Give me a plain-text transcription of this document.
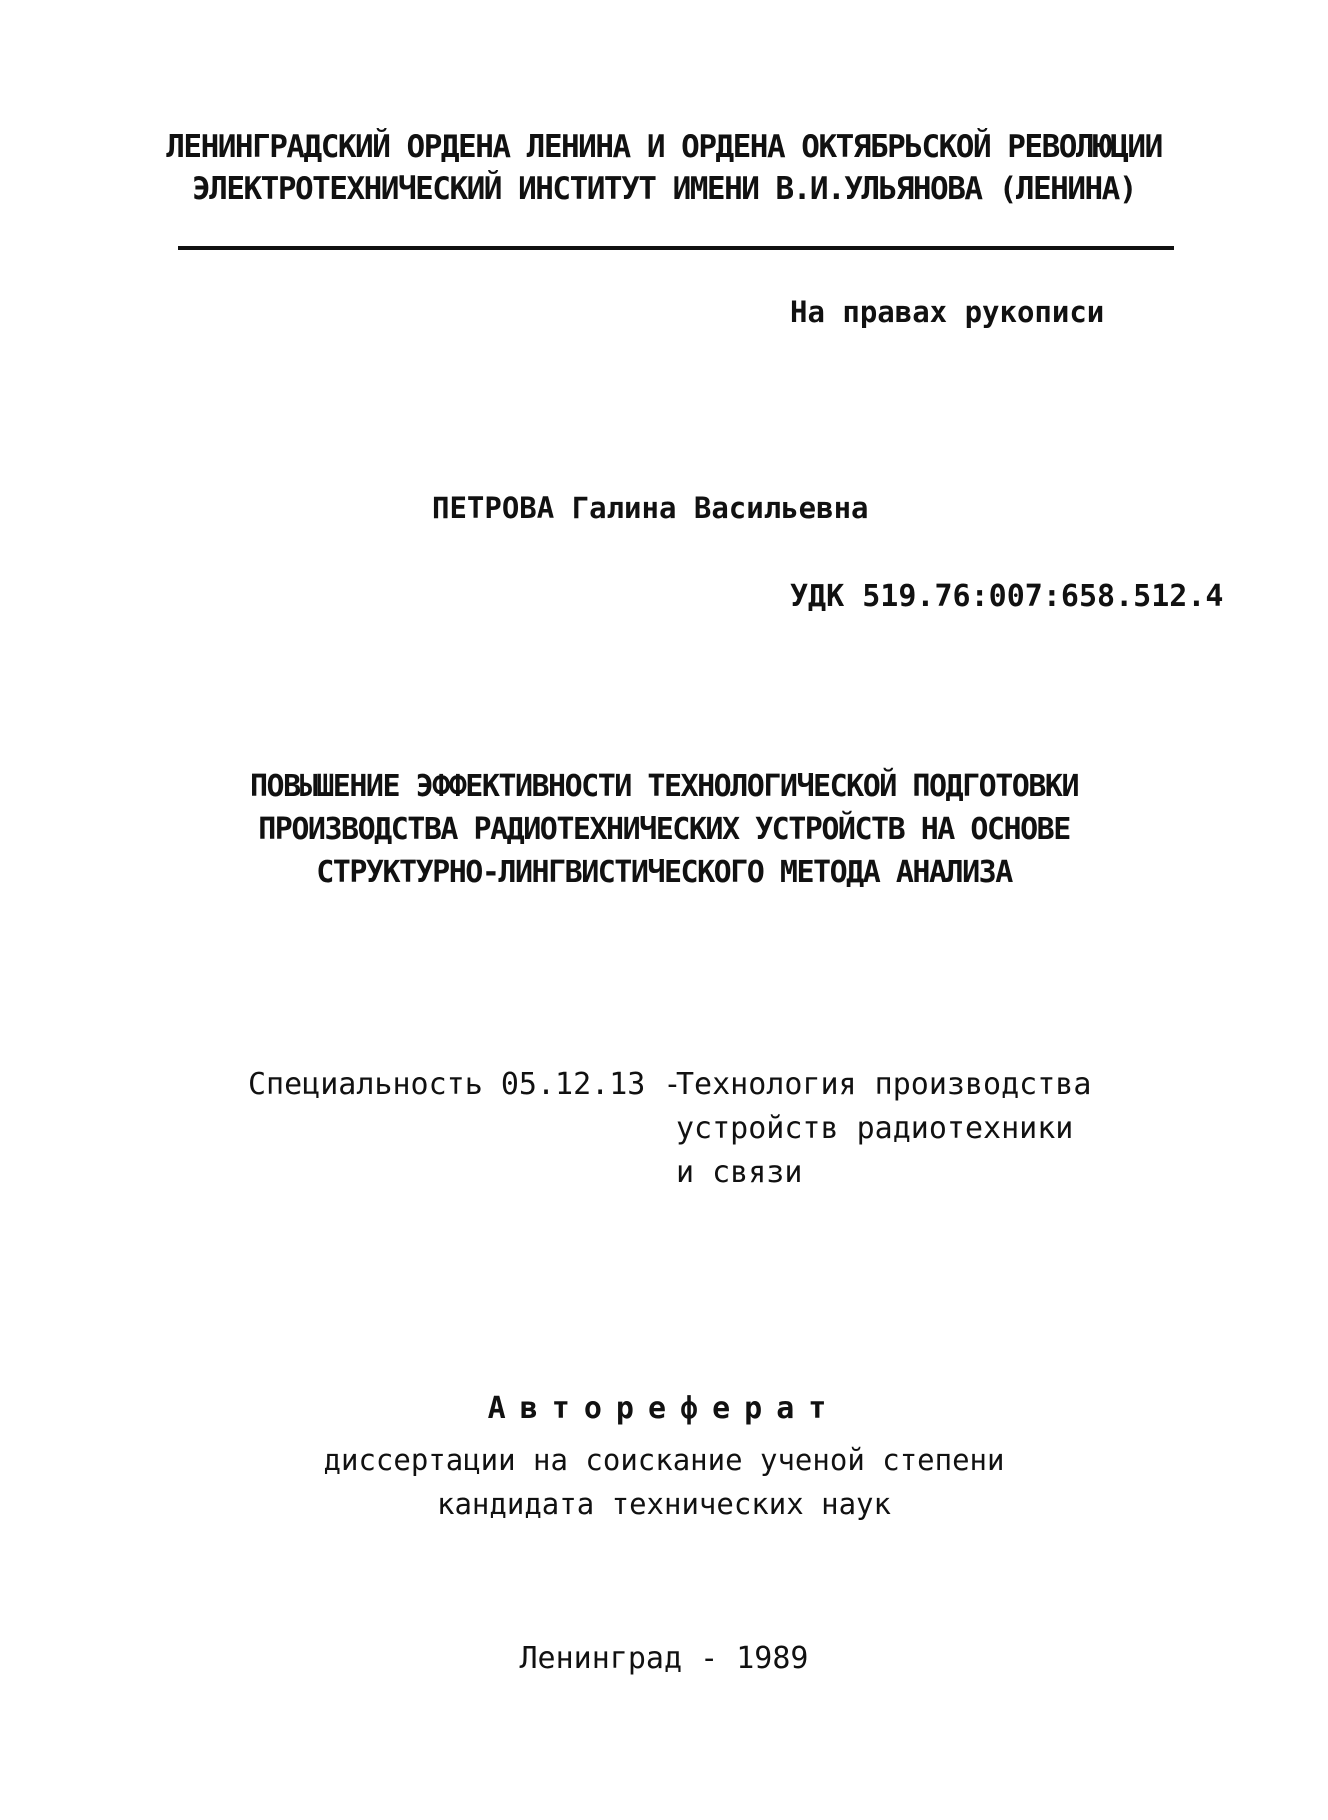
ЛЕНИНГРАДСКИЙ ОРДЕНА ЛЕНИНА И ОРДЕНА ОКТЯБРЬСКОЙ РЕВОЛЮЦИИ
ЭЛЕКТРОТЕХНИЧЕСКИЙ ИНСТИТУТ ИМЕНИ В.И.УЛЬЯНОВА (ЛЕНИНА)
На правах рукописи
ПЕТРОВА Галина Васильевна
УДК 519.76:007:658.512.4
ПОВЫШЕНИЕ ЭФФЕКТИВНОСТИ ТЕХНОЛОГИЧЕСКОЙ ПОДГОТОВКИ
ПРОИЗВОДСТВА РАДИОТЕХНИЧЕСКИХ УСТРОЙСТВ НА ОСНОВЕ
СТРУКТУРНО-ЛИНГВИСТИЧЕСКОГО МЕТОДА АНАЛИЗА
Специальность 05.12.13 -
Технология производства
устройств радиотехники
и связи
Автореферат
диссертации на соискание ученой степени
кандидата технических наук
Ленинград - 1989
